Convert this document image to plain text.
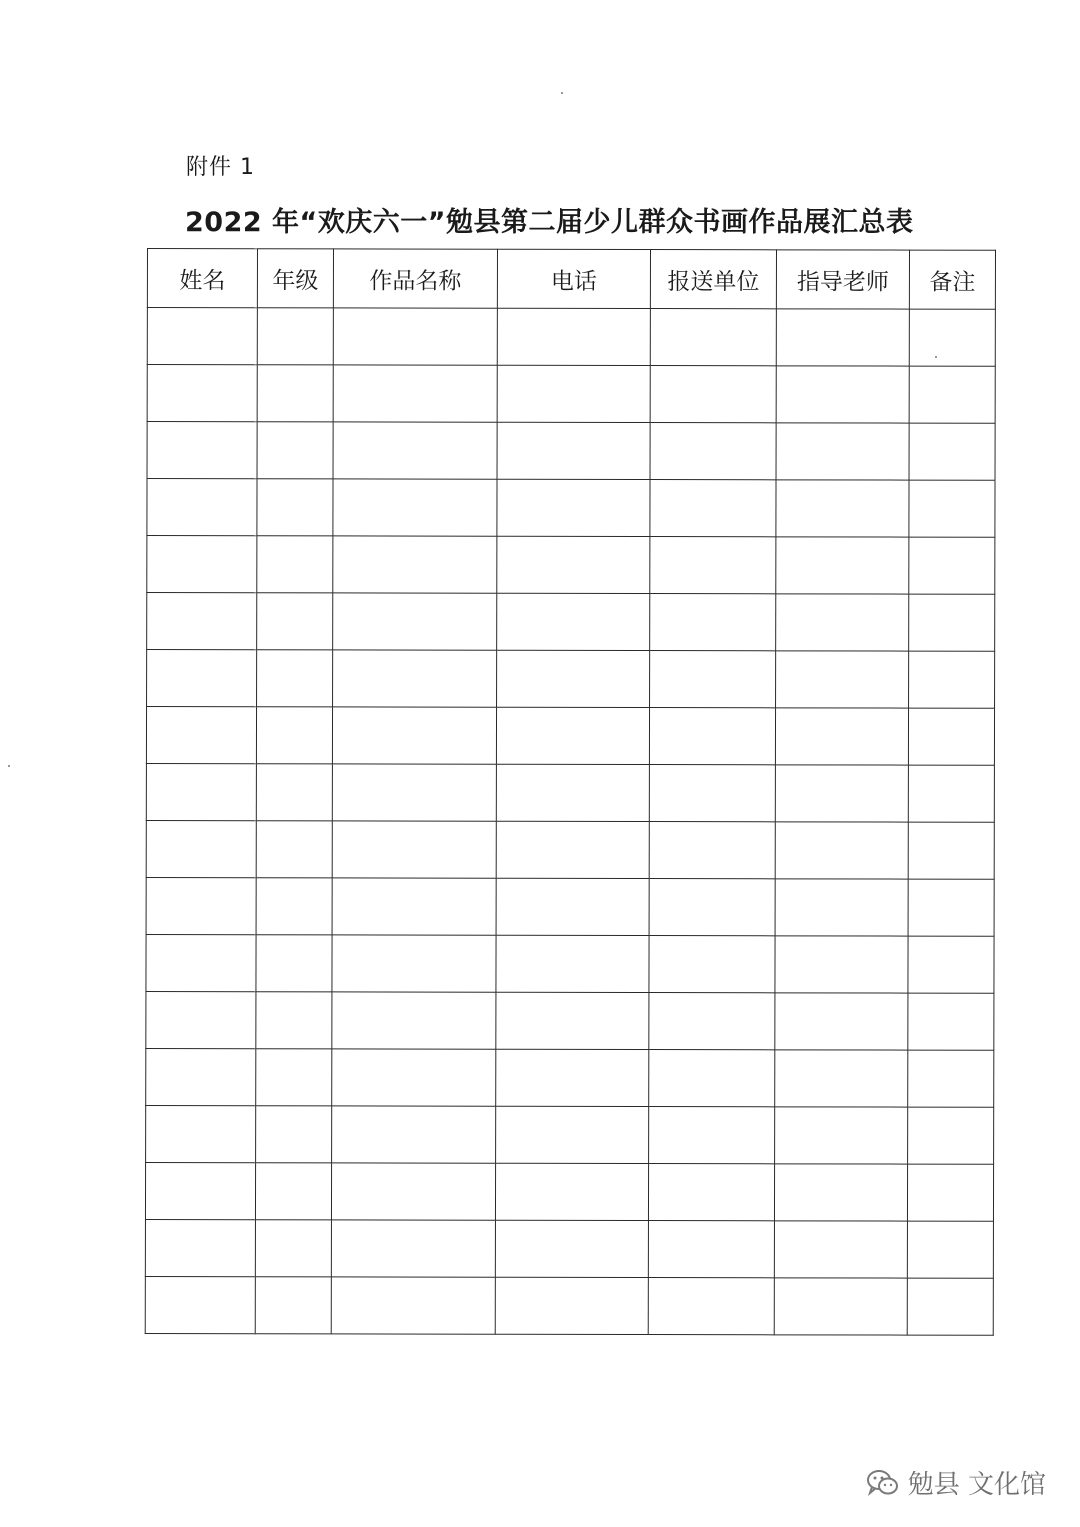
附件 1
2022 年“欢庆六一”勉县第二届少儿群众书画作品展汇总表
姓名	年级	作品名称	电话	报送单位	指导老师	备注

勉县 文化馆
